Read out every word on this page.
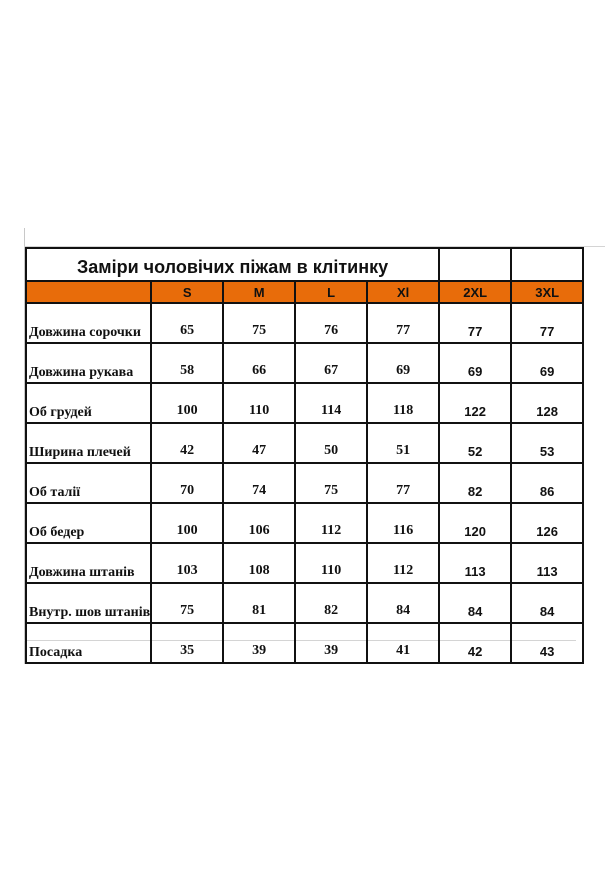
Заміри чоловічих піжам в клітинку						
	S	M	L	Xl	2XL	3XL

Довжина сорочки	65	75	76	77	77	77

Довжина рукава	58	66	67	69	69	69

Об грудей	100	110	114	118	122	128

Ширина плечей	42	47	50	51	52	53

Об талії	70	74	75	77	82	86

Об бедер	100	106	112	116	120	126

Довжина штанів	103	108	110	112	113	113

Внутр. шов штанів	75	81	82	84	84	84

Посадка	35	39	39	41	42	43
